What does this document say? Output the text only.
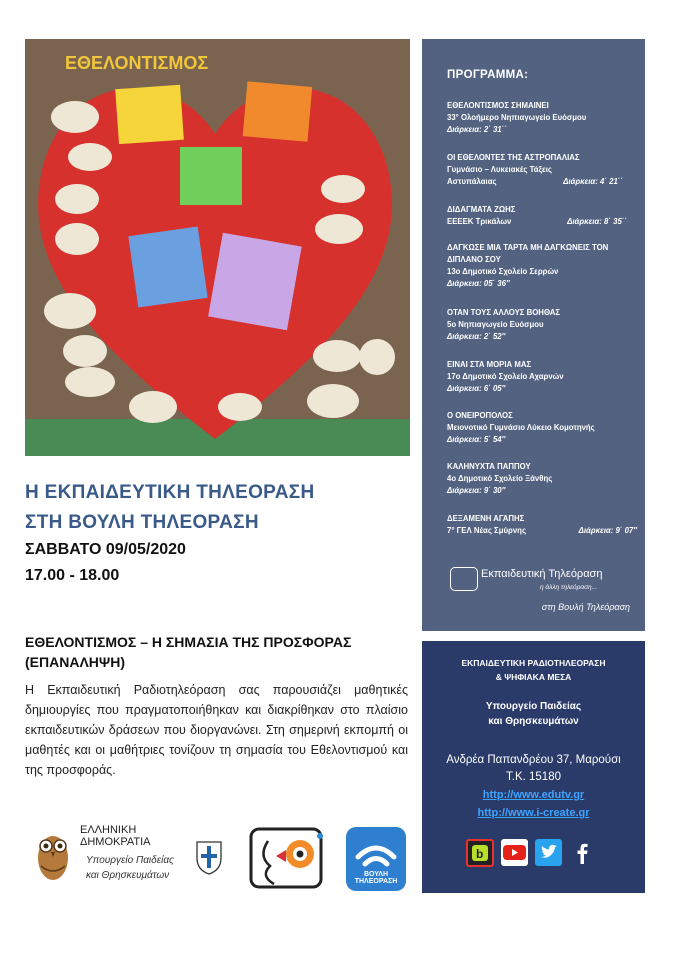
ΕΘΕΛΟΝΤΙΣΜΟΣ
Η ΕΚΠΑΙΔΕΥΤΙΚΗ ΤΗΛΕΟΡΑΣΗ
ΣΤΗ ΒΟΥΛΗ ΤΗΛΕΟΡΑΣΗ
ΣΑΒΒΑΤΟ 09/05/2020
17.00 - 18.00
ΕΘΕΛΟΝΤΙΣΜΟΣ – Η ΣΗΜΑΣΙΑ ΤΗΣ ΠΡΟΣΦΟΡΑΣ (ΕΠΑΝΑΛΗΨΗ)
Η Εκπαιδευτική Ραδιοτηλεόραση σας παρουσιάζει μαθητικές δημιουργίες που πραγματοποιήθηκαν και διακρίθηκαν στο πλαίσιο εκπαιδευτικών δράσεων που διοργανώνει. Στη σημερινή εκπομπή οι μαθητές και οι μαθήτριες τονίζουν τη σημασία του Εθελοντισμού και της προσφοράς.
ΕΛΛΗΝΙΚΗ ΔΗΜΟΚΡΑΤΙΑ
Υπουργείο Παιδείας
και Θρησκευμάτων	ΒΟΥΛΗ ΤΗΛΕΟΡΑΣΗ
ΠΡΟΓΡΑΜΜΑ:
ΕΘΕΛΟΝΤΙΣΜΟΣ ΣΗΜΑΙΝΕΙ
33° Ολοήμερο Νηπιαγωγείο Ευόσμου
Διάρκεια: 2΄ 31΄΄
ΟΙ ΕΘΕΛΟΝΤΕΣ ΤΗΣ ΑΣΤΡΟΠΑΛΙΑΣ
Γυμνάσιο – Λυκειακές Τάξεις
Αστυπάλαιας	Διάρκεια: 4΄ 21΄΄
ΔΙΔΑΓΜΑΤΑ ΖΩΗΣ
ΕΕΕΕΚ Τρικάλων	Διάρκεια: 8΄ 35΄΄
ΔΑΓΚΩΣΕ ΜΙΑ ΤΑΡΤΑ ΜΗ ΔΑΓΚΩΝΕΙΣ ΤΟΝ ΔΙΠΛΑΝΟ ΣΟΥ
13ο Δημοτικό Σχολείο Σερρών
Διάρκεια: 05΄ 36″
ΟΤΑΝ ΤΟΥΣ ΑΛΛΟΥΣ ΒΟΗΘΑΣ
5ο Νηπιαγωγείο Ευόσμου
Διάρκεια: 2΄ 52″
ΕΙΝΑΙ ΣΤΑ ΜΟΡΙΑ ΜΑΣ
17ο Δημοτικό Σχολείο Αχαρνών
Διάρκεια: 6΄ 05″
Ο ΟΝΕΙΡΟΠΟΛΟΣ
Μειονοτικό Γυμνάσιο Λύκειο Κομοτηνής
Διάρκεια: 5΄ 54″
ΚΑΛΗΝΥΧΤΑ ΠΑΠΠΟΥ
4ο Δημοτικό Σχολείο Ξάνθης
Διάρκεια: 9΄ 30″
ΔΕΞΑΜΕΝΗ ΑΓΑΠΗΣ
7° ΓΕΛ Νέας Σμύρνης	Διάρκεια: 9΄ 07″
Εκπαιδευτική Τηλεόραση
η άλλη τηλεόραση...
στη Βουλή Τηλεόραση
ΕΚΠΑΙΔΕΥΤΙΚΗ ΡΑΔΙΟΤΗΛΕΟΡΑΣΗ
& ΨΗΦΙΑΚΑ ΜΕΣΑ
Υπουργείο Παιδείας
και Θρησκευμάτων
Ανδρέα Παπανδρέου 37, Μαρούσι
Τ.Κ. 15180
http://www.edutv.gr
http://www.i-create.gr
b
